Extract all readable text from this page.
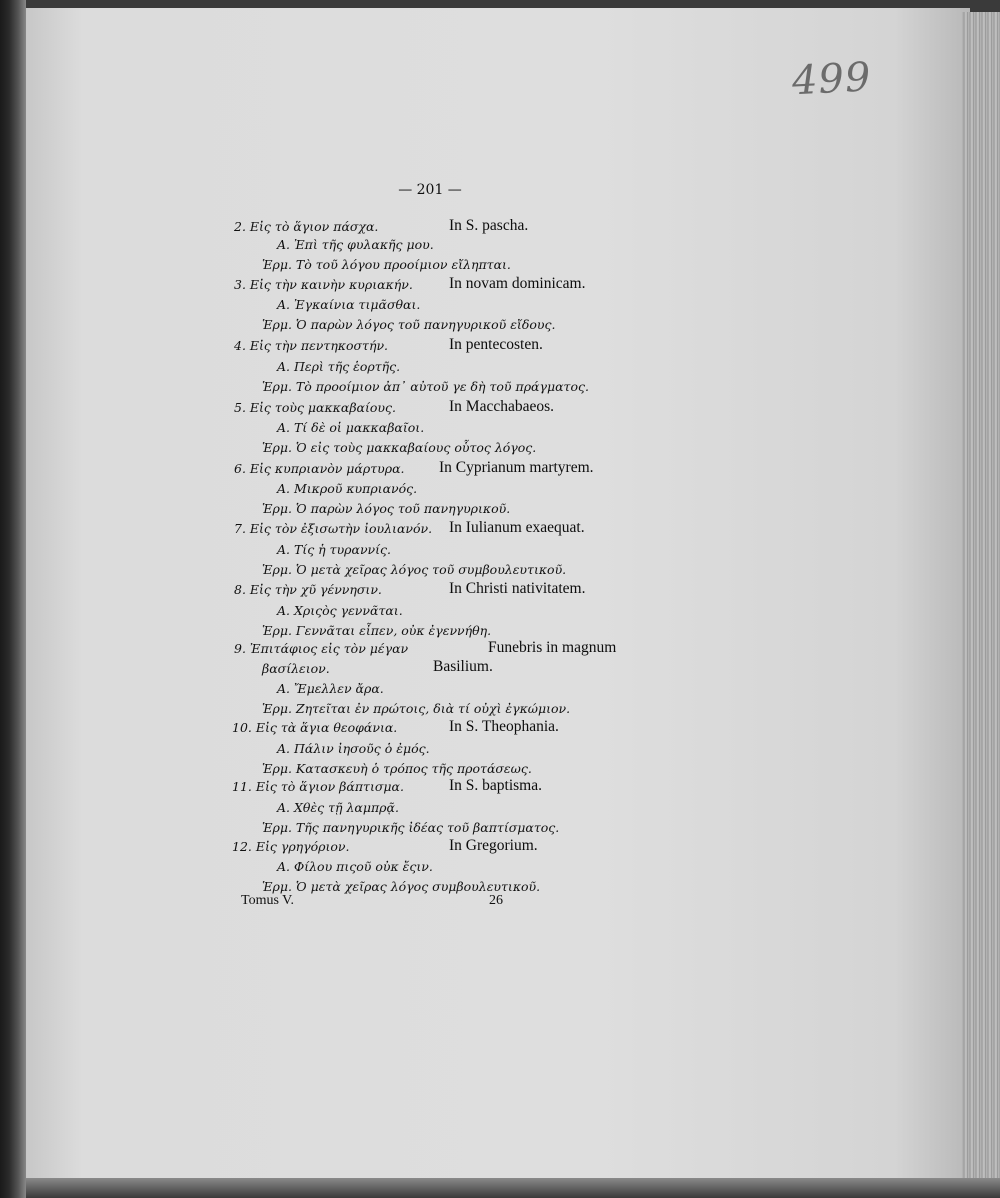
499
— 201 —
2. Εἰς τὸ ἅγιον πάσχα.	In S. pascha.
Α. Ἐπὶ τῆς φυλακῆς μου.
Ἑρμ. Τὸ τοῦ λόγου προοίμιον εἴληπται.
3. Εἰς τὴν καινὴν κυριακήν. In novam dominicam.
Α. Ἐγκαίνια τιμᾶσθαι.
Ἑρμ. Ὁ παρὼν λόγος τοῦ πανηγυρικοῦ εἴδους.
4. Εἰς τὴν πεντηκοστήν.	In pentecosten.
Α. Περὶ τῆς ἑορτῆς.
Ἑρμ. Τὸ προοίμιον ἀπ᾽ αὐτοῦ γε δὴ τοῦ πράγματος.
5. Εἰς τοὺς μακκαβαίους.	In Macchabaeos.
Α. Τί δὲ οἱ μακκαβαῖοι.
Ἑρμ. Ὁ εἰς τοὺς μακκαβαίους οὗτος λόγος.
6. Εἰς κυπριανὸν μάρτυρα. In Cyprianum martyrem.
Α. Μικροῦ κυπριανός.
Ἑρμ. Ὁ παρὼν λόγος τοῦ πανηγυρικοῦ.
7. Εἰς τὸν ἐξισωτὴν ἰουλιανόν. In Iulianum exaequat.
Α. Τίς ἡ τυραννίς.
Ἑρμ. Ὁ μετὰ χεῖρας λόγος τοῦ συμβουλευτικοῦ.
8. Εἰς τὴν χῦ γέννησιν.	In Christi nativitatem.
Α. Χριςὸς γεννᾶται.
Ἑρμ. Γεννᾶται εἶπεν, οὐκ ἐγεννήθη.
9. Ἐπιτάφιος εἰς τὸν μέγαν	Funebris in magnum
βασίλειον.	Basilium.
Α. Ἔμελλεν ἄρα.
Ἑρμ. Ζητεῖται ἐν πρώτοις, διὰ τί οὐχὶ ἐγκώμιον.
10. Εἰς τὰ ἅγια θεοφάνια.	In S. Theophania.
Α. Πάλιν ἰησοῦς ὁ ἐμός.
Ἑρμ. Κατασκευὴ ὁ τρόπος τῆς προτάσεως.
11. Εἰς τὸ ἅγιον βάπτισμα.	In S. baptisma.
Α. Χθὲς τῇ λαμπρᾷ.
Ἑρμ. Τῆς πανηγυρικῆς ἰδέας τοῦ βαπτίσματος.
12. Εἰς γρηγόριον.	In Gregorium.
Α. Φίλου πιςοῦ οὐκ ἔςιν.
Ἑρμ. Ὁ μετὰ χεῖρας λόγος συμβουλευτικοῦ.
Tomus V.	26
